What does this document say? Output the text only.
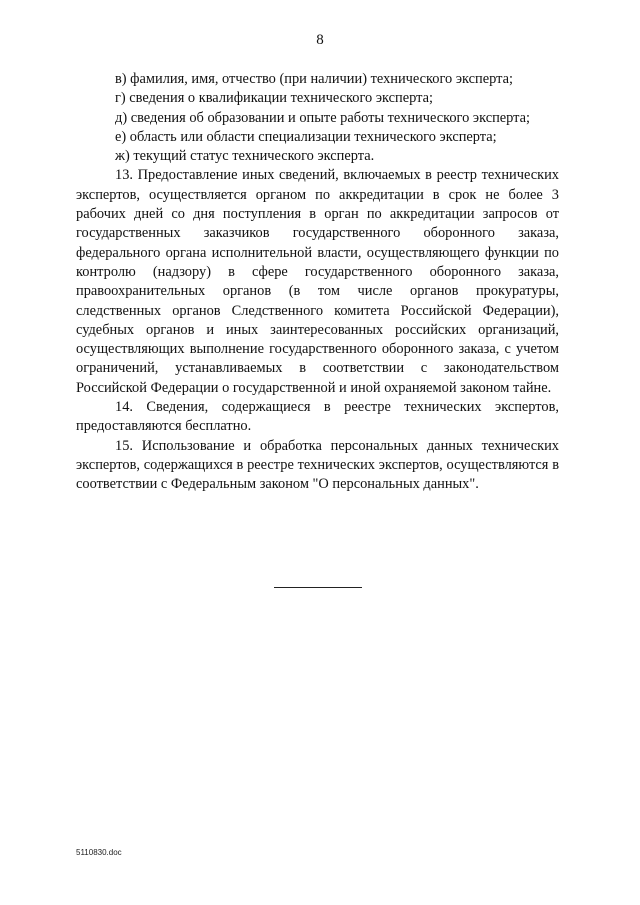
8

в) фамилия, имя, отчество (при наличии) технического эксперта;

г) сведения о квалификации технического эксперта;

д) сведения об образовании и опыте работы технического эксперта;

е) область или области специализации технического эксперта;

ж) текущий статус технического эксперта.

13. Предоставление иных сведений, включаемых в реестр технических экспертов, осуществляется органом по аккредитации в срок не более 3 рабочих дней со дня поступления в орган по аккредитации запросов от государственных заказчиков государственного оборонного заказа, федерального органа исполнительной власти, осуществляющего функции по контролю (надзору) в сфере государственного оборонного заказа, правоохранительных органов (в том числе органов прокуратуры, следственных органов Следственного комитета Российской Федерации), судебных органов и иных заинтересованных российских организаций, осуществляющих выполнение государственного оборонного заказа, с учетом ограничений, устанавливаемых в соответствии с законодательством Российской Федерации о государственной и иной охраняемой законом тайне.

14. Сведения, содержащиеся в реестре технических экспертов, предоставляются бесплатно.

15. Использование и обработка персональных данных технических экспертов, содержащихся в реестре технических экспертов, осуществляются в соответствии с Федеральным законом "О персональных данных".

5110830.doc
